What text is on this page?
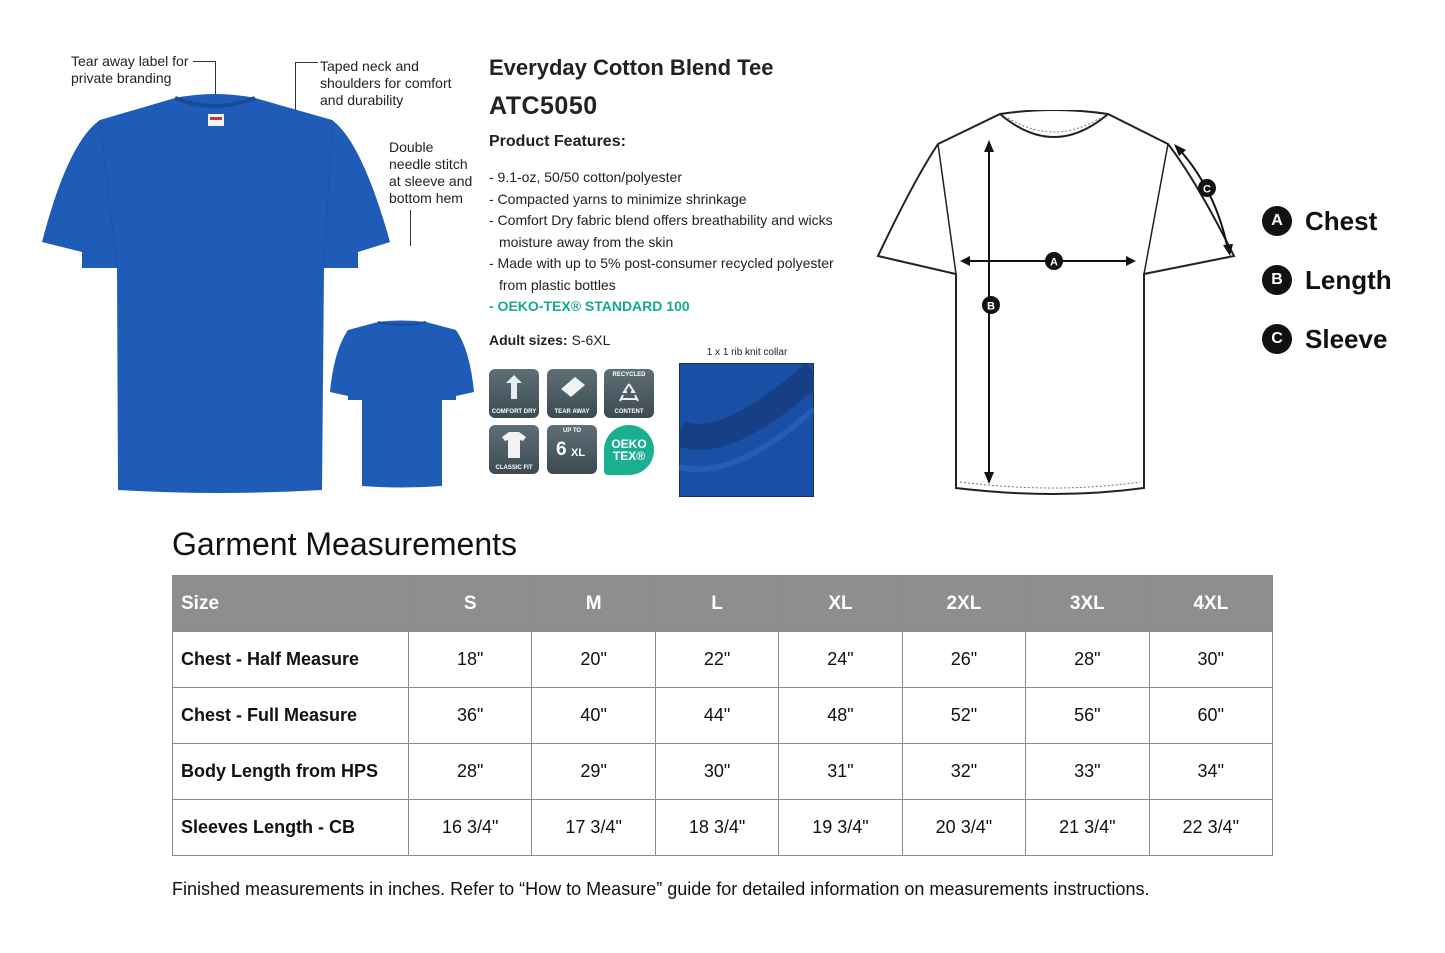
Tear away label for private branding
Taped neck and shoulders for comfort and durability
Double needle stitch at sleeve and bottom hem
Everyday Cotton Blend Tee
ATC5050
Product Features:
- 9.1-oz, 50/50 cotton/polyester
- Compacted yarns to minimize shrinkage
- Comfort Dry fabric blend offers breathability and wicks moisture away from the skin
- Made with up to 5% post-consumer recycled polyester from plastic bottles
- OEKO-TEX® STANDARD 100
Adult sizes: S-6XL
COMFORT DRY	TEAR AWAY
RECYCLED
CONTENT
CLASSIC FIT
UP TO
6 XL
OEKO
TEX®
1 x 1 rib knit collar
A
B
C
A Chest
B Length
C Sleeve
Garment Measurements
Size	S	M	L	XL	2XL	3XL	4XL
Chest - Half Measure	18"	20"	22"	24"	26"	28"	30"
Chest - Full Measure	36"	40"	44"	48"	52"	56"	60"
Body Length from HPS	28"	29"	30"	31"	32"	33"	34"
Sleeves Length - CB	16 3/4"	17 3/4"	18 3/4"	19 3/4"	20 3/4"	21 3/4"	22 3/4"
Finished measurements in inches. Refer to “How to Measure” guide for detailed information on measurements instructions.
